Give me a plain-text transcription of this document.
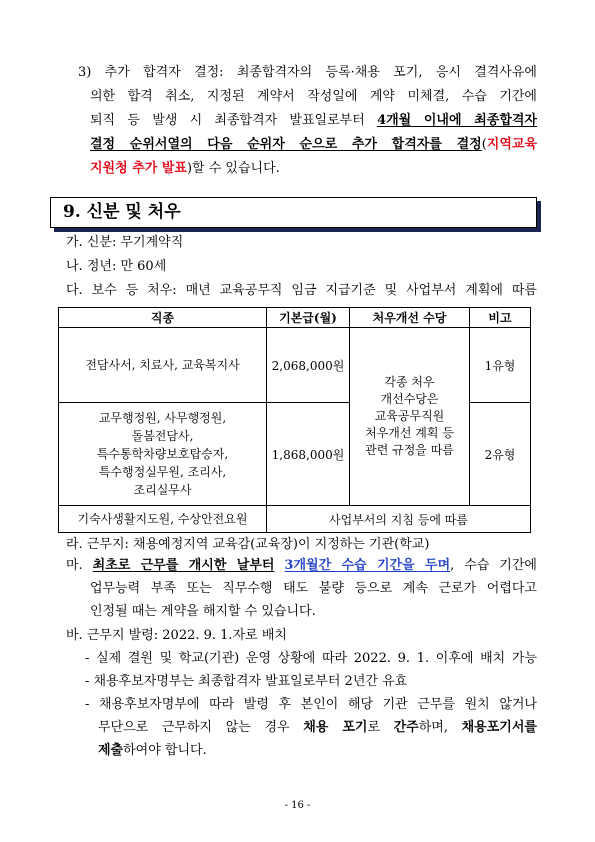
3) 추가 합격자 결정: 최종합격자의 등록·채용 포기, 응시 결격사유에
의한 합격 취소, 지정된 계약서 작성일에 계약 미체결, 수습 기간에
퇴직 등 발생 시 최종합격자 발표일로부터 4개월 이내에 최종합격자
결정 순위서열의 다음 순위자 순으로 추가 합격자를 결정(지역교육
지원청 추가 발표)할 수 있습니다.
9. 신분 및 처우
가. 신분: 무기계약직
나. 정년: 만 60세
다. 보수 등 처우: 매년 교육공무직 임금 지급기준 및 사업부서 계획에 따름
직종	기본급(월)	처우개선 수당	비고

전담사서, 치료사, 교육복지사	2,068,000원	각종 처우
개선수당은
교육공무직원
처우개선 계획 등
관련 규정을 따름	1유형

교무행정원, 사무행정원,
돌봄전담사,
특수통학차량보호탑승자,
특수행정실무원, 조리사,
조리실무사	1,868,000원		2유형

기숙사생활지도원, 수상안전요원	사업부서의 지침 등에 따름		
라. 근무지: 채용예정지역 교육감(교육장)이 지정하는 기관(학교)
마. 최초로 근무를 개시한 날부터 3개월간 수습 기간을 두며, 수습 기간에
업무능력 부족 또는 직무수행 태도 불량 등으로 계속 근로가 어렵다고
인정될 때는 계약을 해지할 수 있습니다.
바. 근무지 발령: 2022. 9. 1.자로 배치
- 실제 결원 및 학교(기관) 운영 상황에 따라 2022. 9. 1. 이후에 배치 가능
- 채용후보자명부는 최종합격자 발표일로부터 2년간 유효
- 채용후보자명부에 따라 발령 후 본인이 해당 기관 근무를 원치 않거나
무단으로 근무하지 않는 경우 채용 포기로 간주하며, 채용포기서를
제출하여야 합니다.
- 16 -
